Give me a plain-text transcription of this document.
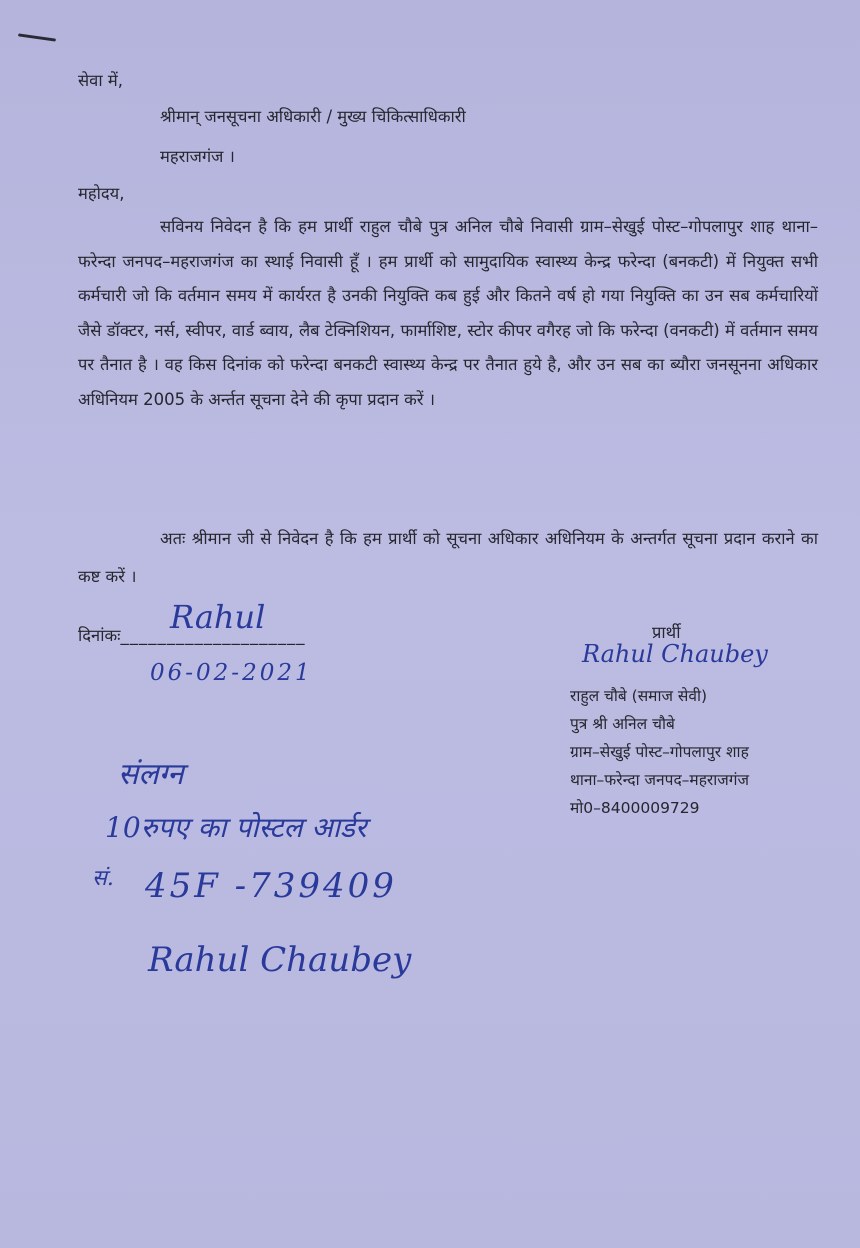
सेवा में,
श्रीमान् जनसूचना अधिकारी / मुख्य चिकित्साधिकारी
महराजगंज ।
महोदय,
सविनय निवेदन है कि हम प्रार्थी राहुल चौबे पुत्र अनिल चौबे निवासी ग्राम–सेखुई पोस्ट–गोपलापुर शाह थाना–फरेन्दा जनपद–महराजगंज का स्थाई निवासी हूँ । हम प्रार्थी को सामुदायिक स्वास्थ्य केन्द्र फरेन्दा (बनकटी) में नियुक्त सभी कर्मचारी जो कि वर्तमान समय में कार्यरत है उनकी नियुक्ति कब हुई और कितने वर्ष हो गया नियुक्ति का उन सब कर्मचारियों जैसे डॉक्टर, नर्स, स्वीपर, वार्ड ब्वाय, लैब टेक्निशियन, फार्माशिष्ट, स्टोर कीपर वगैरह जो कि फरेन्दा (वनकटी) में वर्तमान समय पर तैनात है । वह किस दिनांक को फरेन्दा बनकटी स्वास्थ्य केन्द्र पर तैनात हुये है, और उन सब का ब्यौरा जनसूनना अधिकार अधिनियम 2005 के अर्न्तत सूचना देने की कृपा प्रदान करें ।
अतः श्रीमान जी से निवेदन है कि हम प्रार्थी को सूचना अधिकार अधिनियम के अन्तर्गत सूचना प्रदान कराने का कष्ट करें ।
दिनांकः____________________
Rahul
06-02-2021
प्रार्थी
Rahul Chaubey
राहुल चौबे (समाज सेवी)
पुत्र श्री अनिल चौबे
ग्राम–सेखुई पोस्ट–गोपलापुर शाह
थाना–फरेन्दा जनपद–महराजगंज
मो0–8400009729
संलग्न
10रुपए का पोस्टल आर्डर
सं. 45F -739409
Rahul Chaubey
